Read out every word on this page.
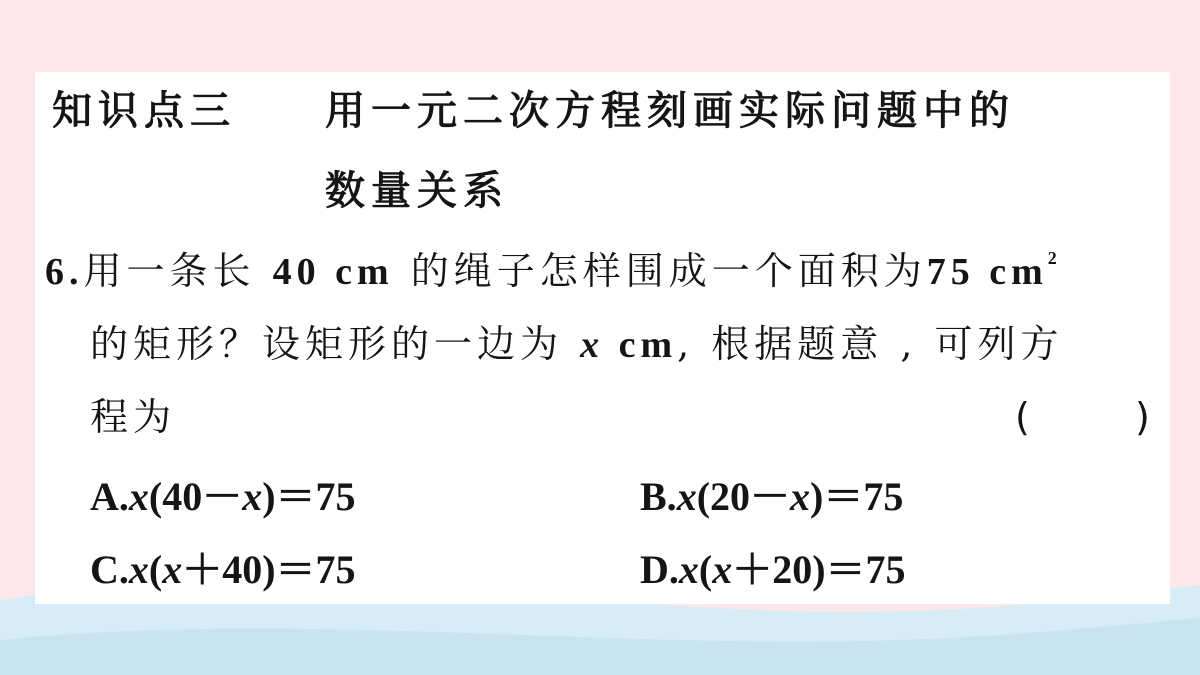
知识点三 用一元二次方程刻画实际问题中的
数量关系
6.用一条长 40 cm 的绳子怎样围成一个面积为75 $cm^2$
的矩形？设矩形的一边为 x cm, 根据题意 , 可列方
程为	(	)
A.x(40－x)＝75	B.x(20－x)＝75
C.x(x＋40)＝75	D.x(x＋20)＝75
